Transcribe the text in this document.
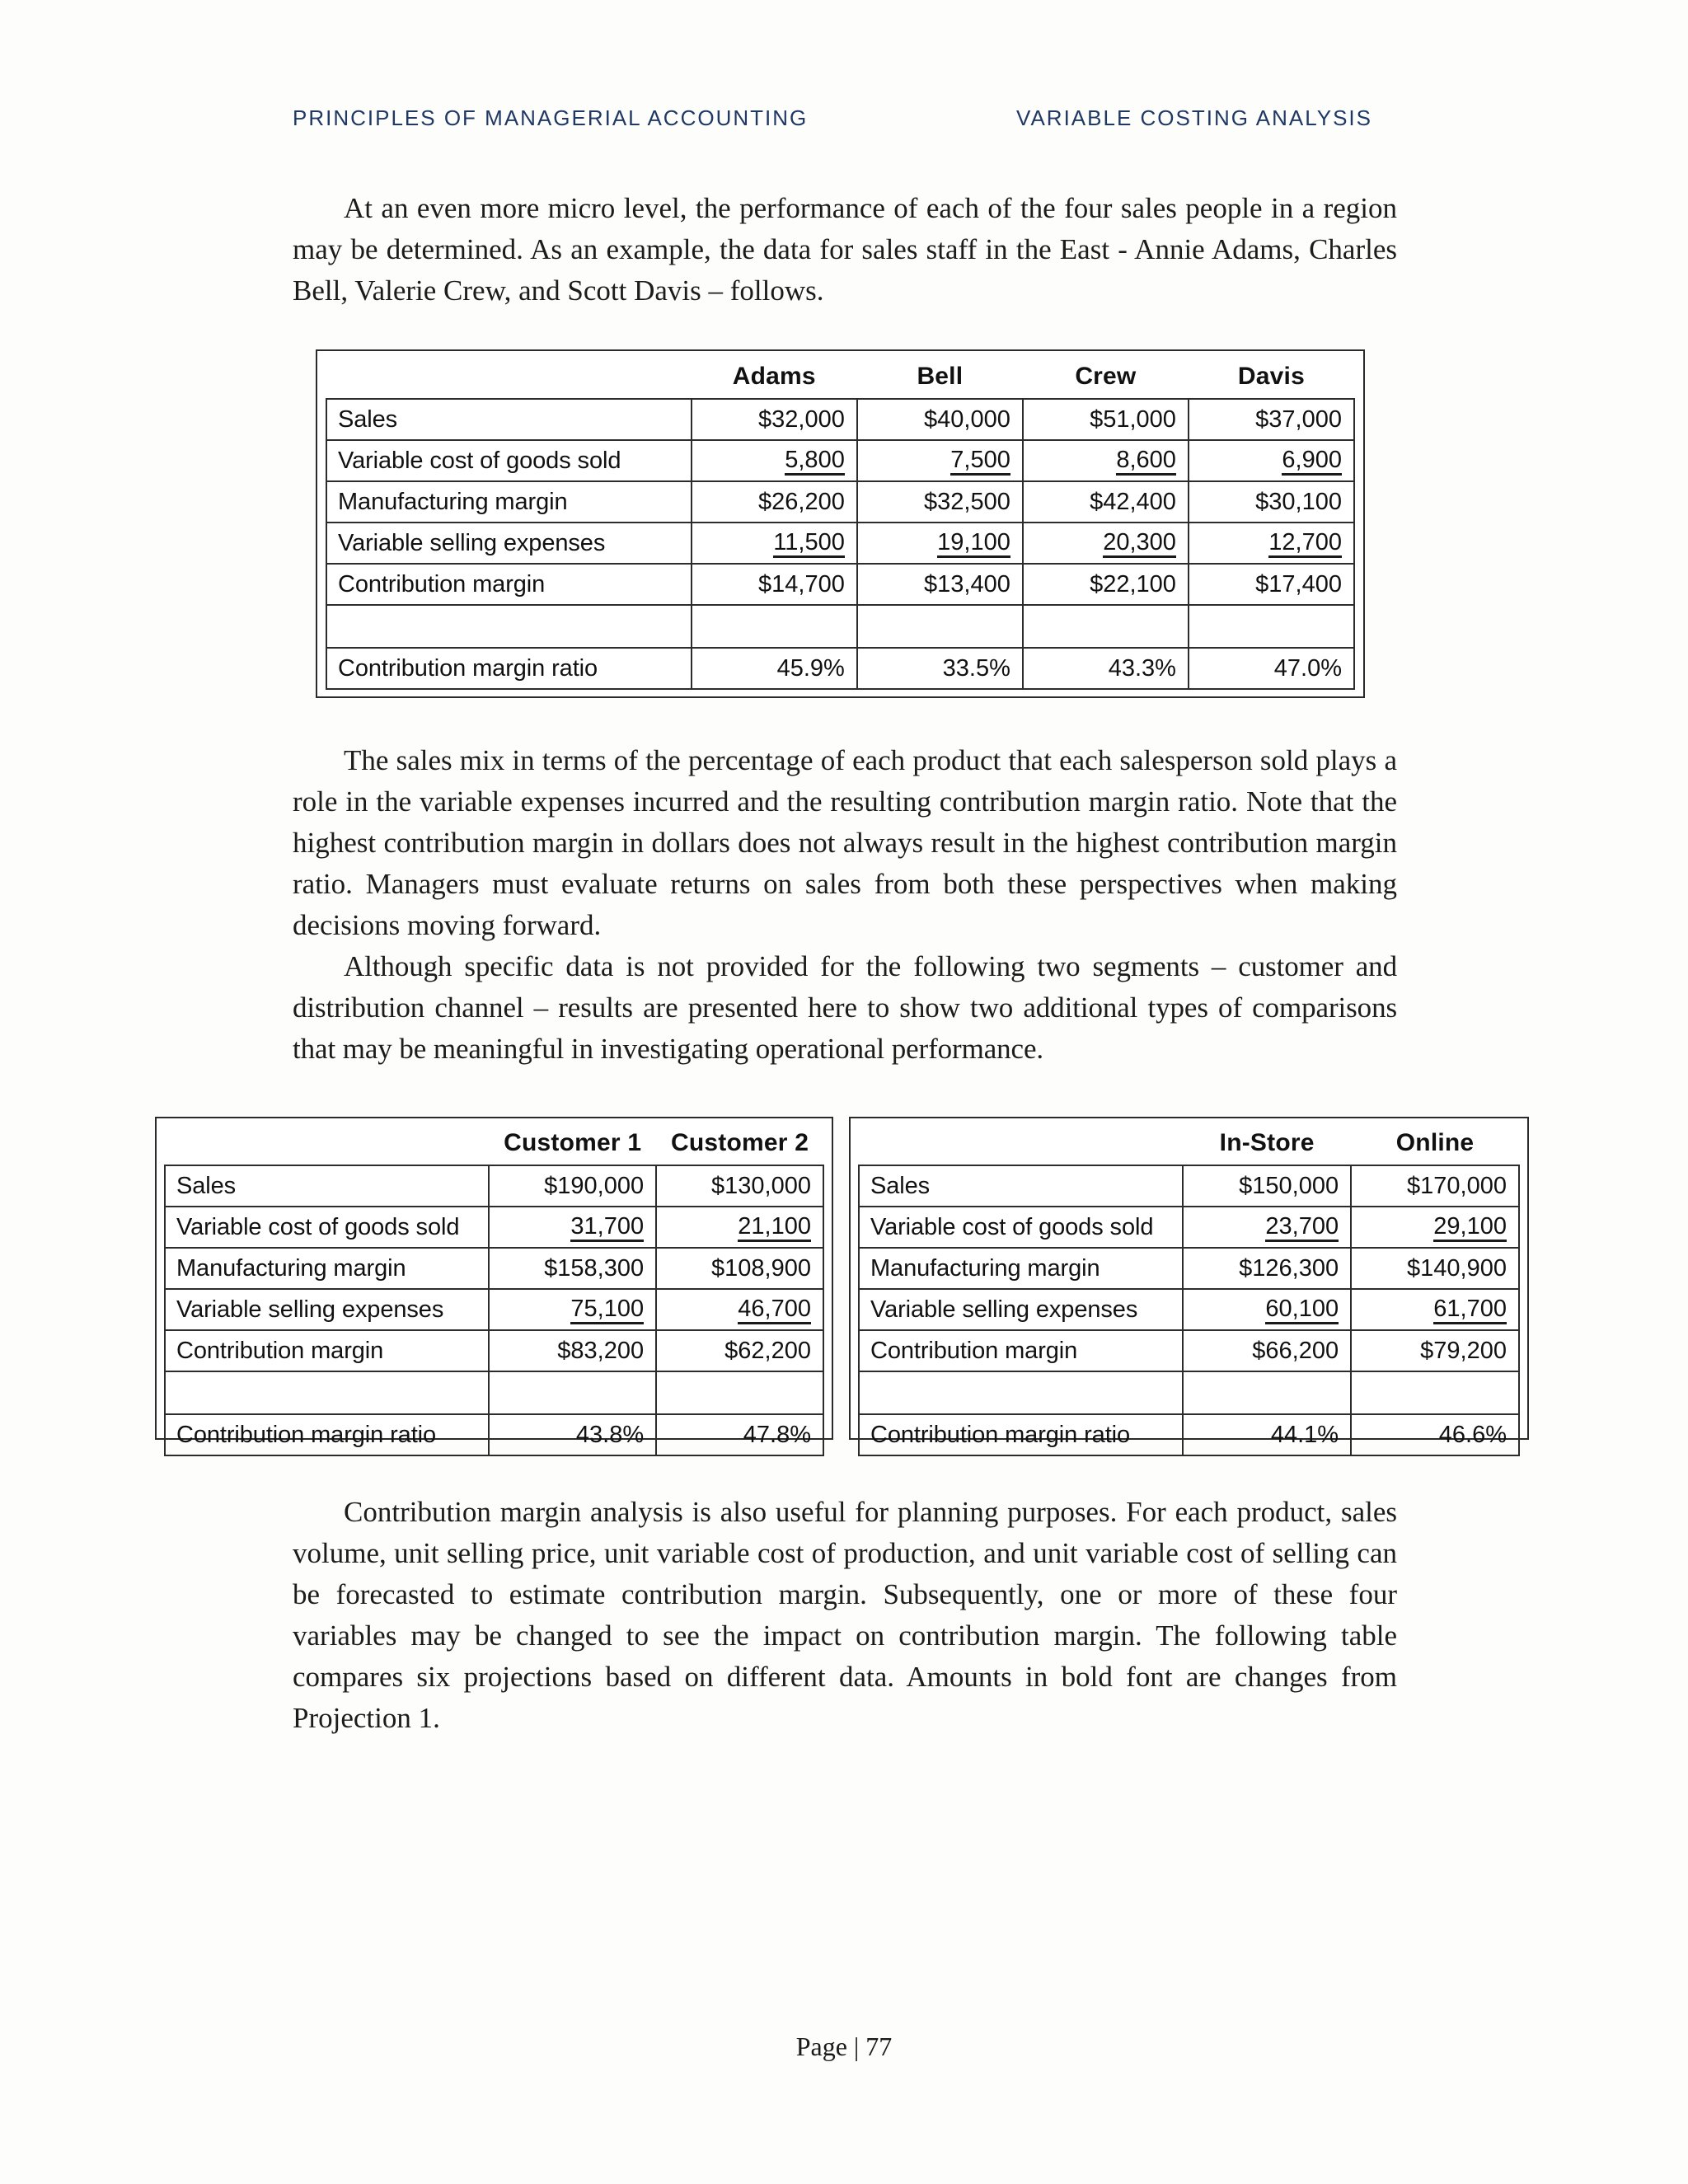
PRINCIPLES OF MANAGERIAL ACCOUNTING	VARIABLE COSTING ANALYSIS

At an even more micro level, the performance of each of the four sales people in a region may be determined. As an example, the data for sales staff in the East - Annie Adams, Charles Bell, Valerie Crew, and Scott Davis – follows.

	Adams	Bell	Crew	Davis
Sales	$32,000	$40,000	$51,000	$37,000
Variable cost of goods sold	5,800	7,500	8,600	6,900
Manufacturing margin	$26,200	$32,500	$42,400	$30,100
Variable selling expenses	11,500	19,100	20,300	12,700
Contribution margin	$14,700	$13,400	$22,100	$17,400

Contribution margin ratio	45.9%	33.5%	43.3%	47.0%

The sales mix in terms of the percentage of each product that each salesperson sold plays a role in the variable expenses incurred and the resulting contribution margin ratio. Note that the highest contribution margin in dollars does not always result in the highest contribution margin ratio. Managers must evaluate returns on sales from both these perspectives when making decisions moving forward.

Although specific data is not provided for the following two segments – customer and distribution channel – results are presented here to show two additional types of comparisons that may be meaningful in investigating operational performance.

	Customer 1	Customer 2
Sales	$190,000	$130,000
Variable cost of goods sold	31,700	21,100
Manufacturing margin	$158,300	$108,900
Variable selling expenses	75,100	46,700
Contribution margin	$83,200	$62,200

Contribution margin ratio	43.8%	47.8%
	In-Store	Online
Sales	$150,000	$170,000
Variable cost of goods sold	23,700	29,100
Manufacturing margin	$126,300	$140,900
Variable selling expenses	60,100	61,700
Contribution margin	$66,200	$79,200

Contribution margin ratio	44.1%	46.6%

Contribution margin analysis is also useful for planning purposes. For each product, sales volume, unit selling price, unit variable cost of production, and unit variable cost of selling can be forecasted to estimate contribution margin. Subsequently, one or more of these four variables may be changed to see the impact on contribution margin. The following table compares six projections based on different data. Amounts in bold font are changes from Projection 1.

Page | 77
